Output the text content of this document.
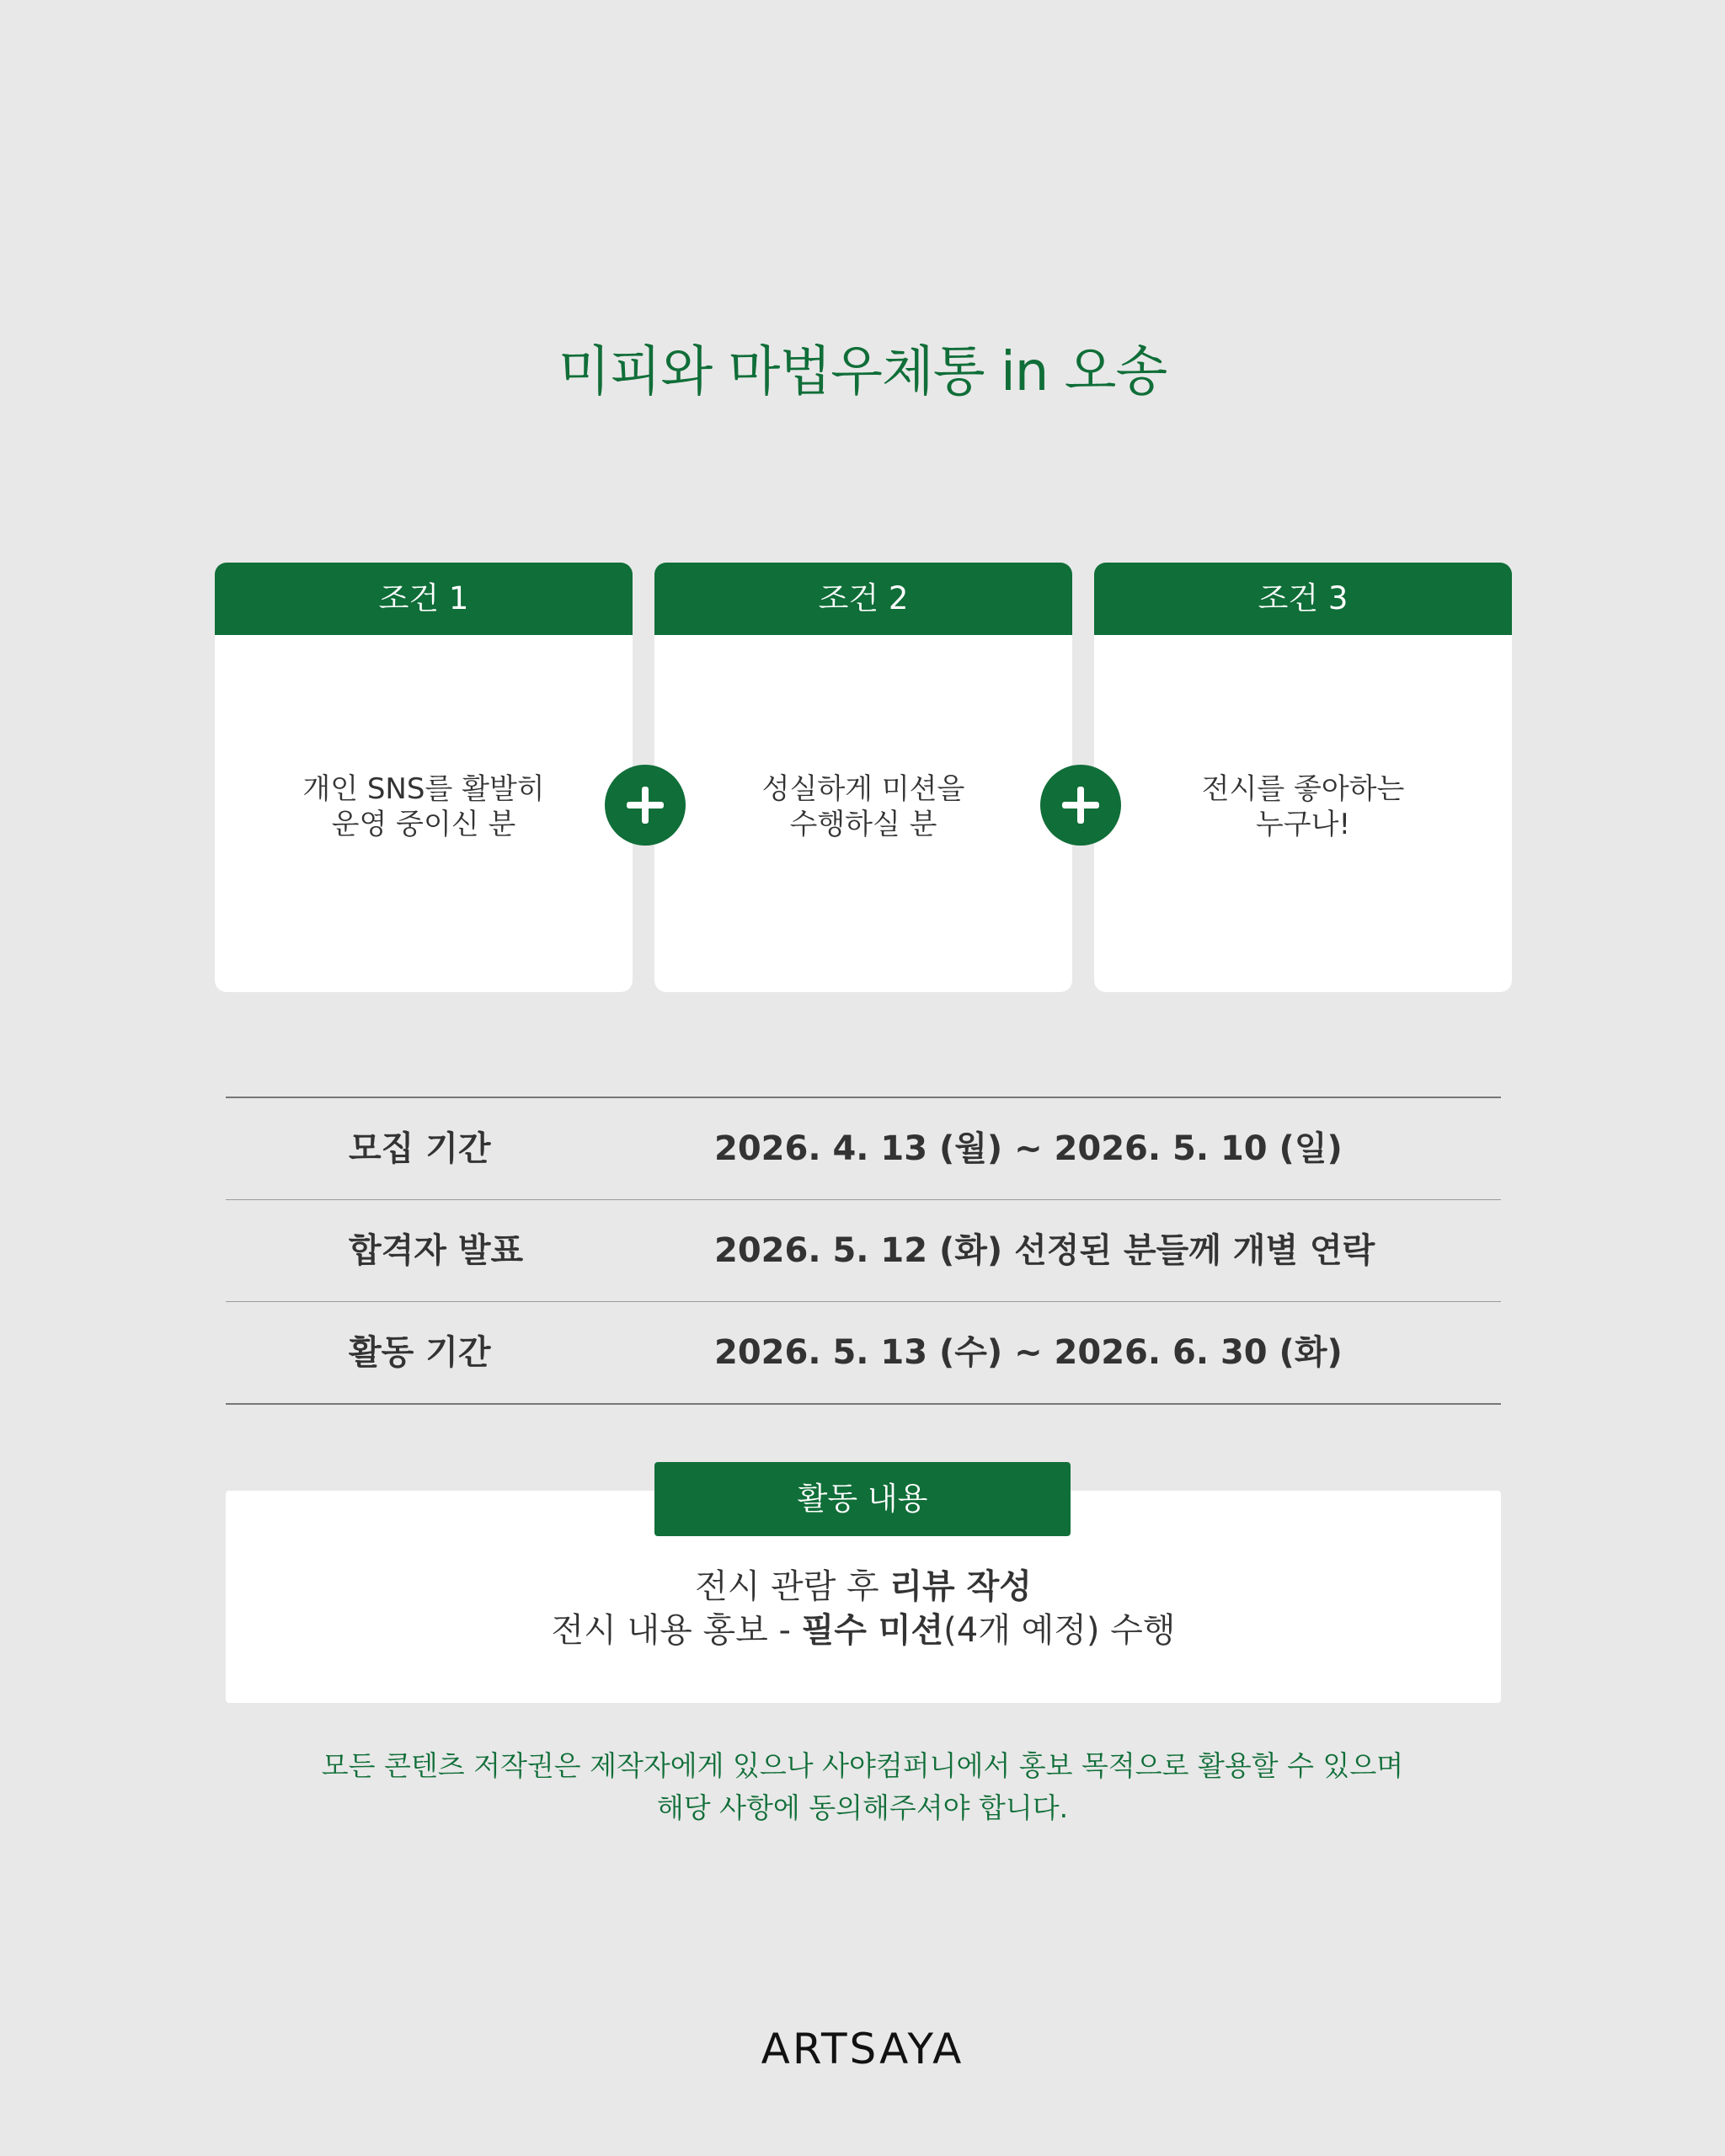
미피와 마법우체통 in 오송
조건 1
개인 SNS를 활발히
운영 중이신 분
조건 2
성실하게 미션을
수행하실 분
조건 3
전시를 좋아하는
누구나!
모집 기간	2026. 4. 13 (월) ~ 2026. 5. 10 (일)
합격자 발표	2026. 5. 12 (화) 선정된 분들께 개별 연락
활동 기간	2026. 5. 13 (수) ~ 2026. 6. 30 (화)
전시 관람 후 리뷰 작성
전시 내용 홍보 - 필수 미션(4개 예정) 수행
활동 내용
모든 콘텐츠 저작권은 제작자에게 있으나 사야컴퍼니에서 홍보 목적으로 활용할 수 있으며
해당 사항에 동의해주셔야 합니다.
ARTSAYA
